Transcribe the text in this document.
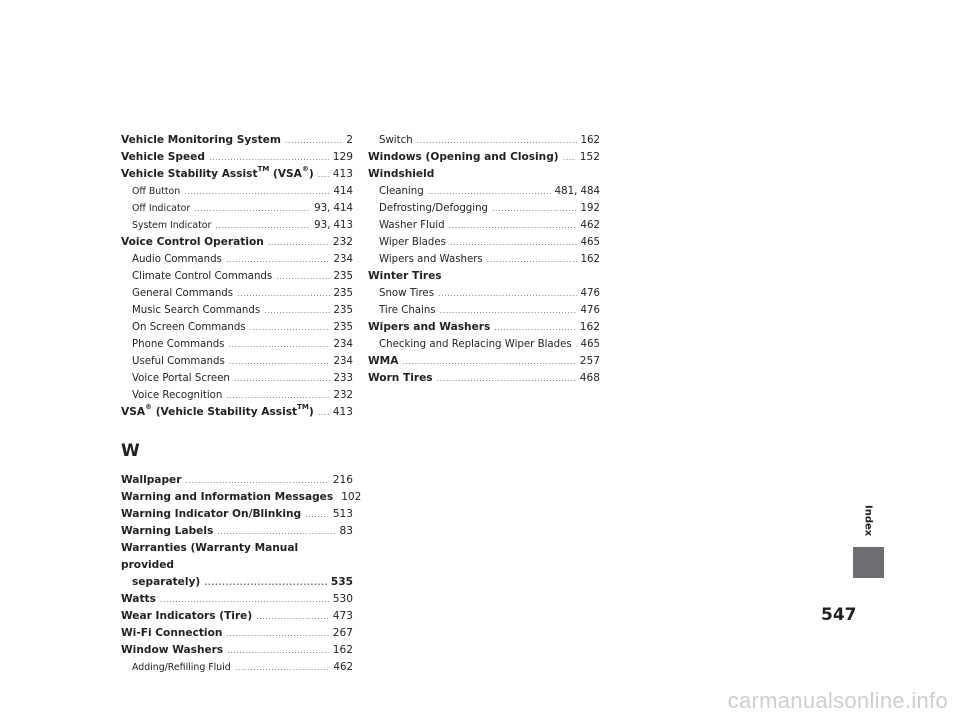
Vehicle Monitoring System .....	2
Vehicle Speed .....	129
Vehicle Stability Assist™ (VSA®) ..... 413
Off Button .....	414
Off Indicator .....	93, 414
System Indicator .....	93, 413
Voice Control Operation .....	232
Audio Commands .....	234
Climate Control Commands .....	235
General Commands .....	235
Music Search Commands .....	235
On Screen Commands .....	235
Phone Commands .....	234
Useful Commands .....	234
Voice Portal Screen .....	233
Voice Recognition .....	232
VSA® (Vehicle Stability Assist™) ..... 413
W
Wallpaper .....	216
Warning and Information Messages 102
Warning Indicator On/Blinking .....	513
Warning Labels .....	83
Warranties (Warranty Manual provided
separately) .....	535
Watts .....	530
Wear Indicators (Tire) .....	473
Wi-Fi Connection .....	267
Window Washers .....	162
Adding/Refilling Fluid .....	462
Switch .....	162
Windows (Opening and Closing) ..... 152
Windshield
Cleaning .....	481, 484
Defrosting/Defogging .....	192
Washer Fluid .....	462
Wiper Blades .....	465
Wipers and Washers .....	162
Winter Tires
Snow Tires .....	476
Tire Chains .....	476
Wipers and Washers .....	162
Checking and Replacing Wiper Blades ..... 465
WMA .....	257
Worn Tires .....	468
Index
547
carmanualsonline.info
